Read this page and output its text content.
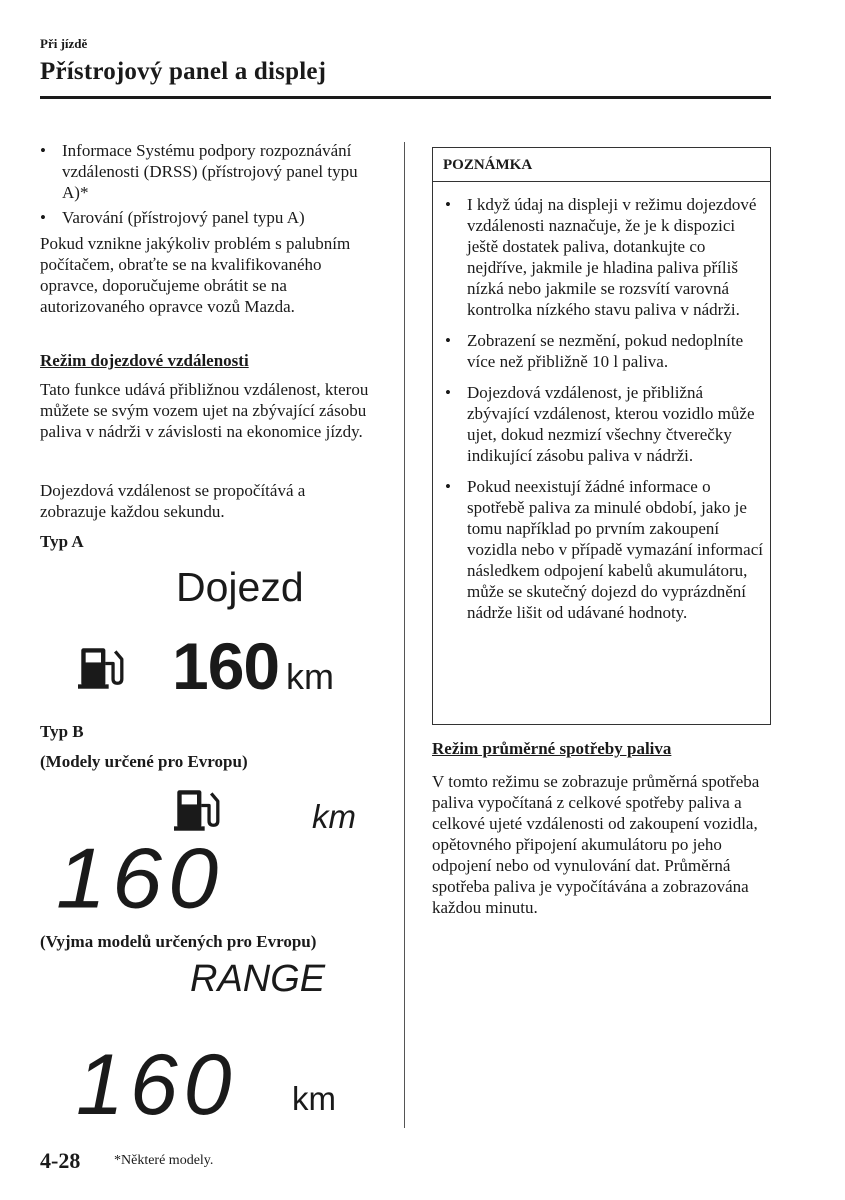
Při jízdě
Přístrojový panel a displej
• Informace Systému podpory rozpoznávání vzdálenosti (DRSS) (přístrojový panel typu A)*
• Varování (přístrojový panel typu A)
Pokud vznikne jakýkoliv problém s palubním počítačem, obraťte se na kvalifikovaného opravce, doporučujeme obrátit se na autorizovaného opravce vozů Mazda.
Režim dojezdové vzdálenosti
Tato funkce udává přibližnou vzdálenost, kterou můžete se svým vozem ujet na zbývající zásobu paliva v nádrži v závislosti na ekonomice jízdy.
Dojezdová vzdálenost se propočítává a zobrazuje každou sekundu.
Typ A
Dojezd
160 km
Typ B
(Modely určené pro Evropu)
km
160
(Vyjma modelů určených pro Evropu)
RANGE
160 km
POZNÁMKA
• I když údaj na displeji v režimu dojezdové vzdálenosti naznačuje, že je k dispozici ještě dostatek paliva, dotankujte co nejdříve, jakmile je hladina paliva příliš nízká nebo jakmile se rozsvítí varovná kontrolka nízkého stavu paliva v nádrži.
• Zobrazení se nezmění, pokud nedoplníte více než přibližně 10 l paliva.
• Dojezdová vzdálenost, je přibližná zbývající vzdálenost, kterou vozidlo může ujet, dokud nezmizí všechny čtverečky indikující zásobu paliva v nádrži.
• Pokud neexistují žádné informace o spotřebě paliva za minulé období, jako je tomu například po prvním zakoupení vozidla nebo v případě vymazání informací následkem odpojení kabelů akumulátoru, může se skutečný dojezd do vyprázdnění nádrže lišit od udávané hodnoty.
Režim průměrné spotřeby paliva
V tomto režimu se zobrazuje průměrná spotřeba paliva vypočítaná z celkové spotřeby paliva a celkové ujeté vzdálenosti od zakoupení vozidla, opětovného připojení akumulátoru po jeho odpojení nebo od vynulování dat. Průměrná spotřeba paliva je vypočítávána a zobrazována každou minutu.
4-28 *Některé modely.
